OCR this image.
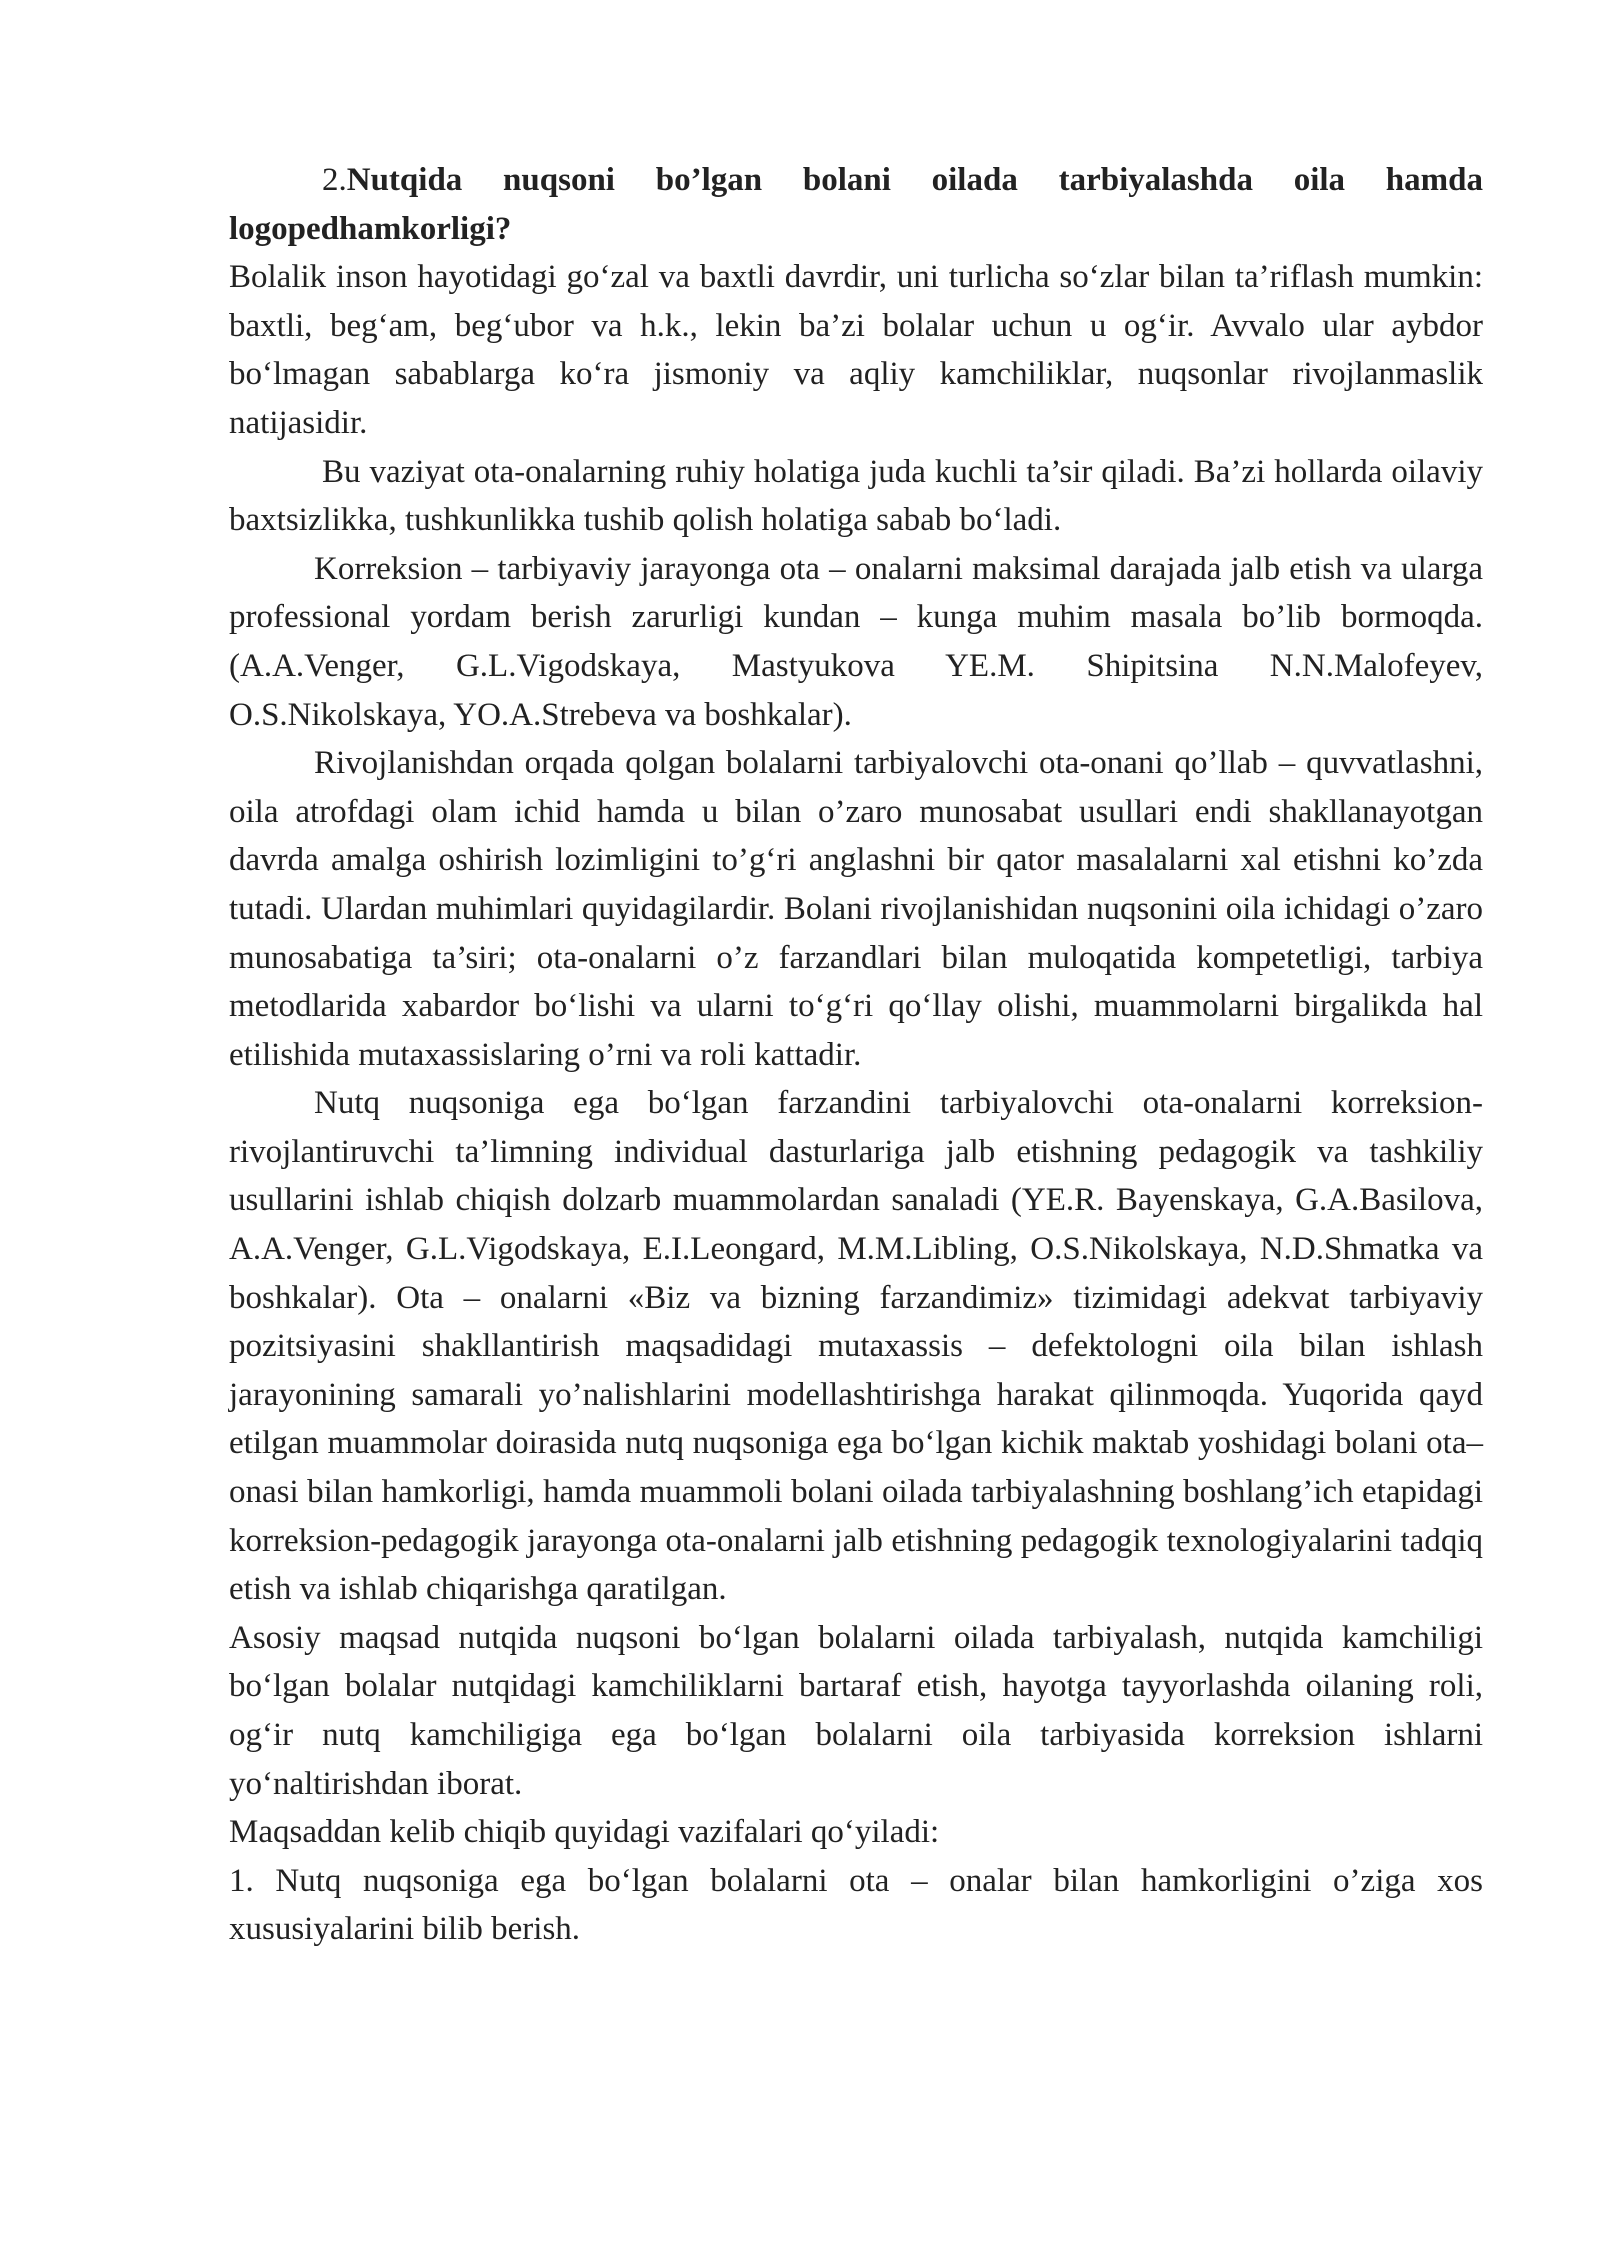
2.Nutqida nuqsoni bo’lgan bolani oilada tarbiyalashda oila hamda logopedhamkorligi?

Bolalik inson hayotidagi go‘zal va baxtli davrdir, uni turlicha so‘zlar bilan ta’riflash mumkin: baxtli, beg‘am, beg‘ubor va h.k., lekin ba’zi bolalar uchun u og‘ir. Avvalo ular aybdor bo‘lmagan sabablarga ko‘ra jismoniy va aqliy kamchiliklar, nuqsonlar rivojlanmaslik natijasidir.

Bu vaziyat ota-onalarning ruhiy holatiga juda kuchli ta’sir qiladi. Ba’zi hollarda oilaviy baxtsizlikka, tushkunlikka tushib qolish holatiga sabab bo‘ladi.

Korreksion – tarbiyaviy jarayonga ota – onalarni maksimal darajada jalb etish va ularga professional yordam berish zarurligi kundan – kunga muhim masala bo’lib bormoqda. (A.A.Venger, G.L.Vigodskaya, Mastyukova YE.M. Shipitsina N.N.Malofeyev, O.S.Nikolskaya, YO.A.Strebeva va boshkalar).

Rivojlanishdan orqada qolgan bolalarni tarbiyalovchi ota-onani qo’llab – quvvatlashni, oila atrofdagi olam ichid hamda u bilan o’zaro munosabat usullari endi shakllanayotgan davrda amalga oshirish lozimligini to’g‘ri anglashni bir qator masalalarni xal etishni ko’zda tutadi. Ulardan muhimlari quyidagilardir. Bolani rivojlanishidan nuqsonini oila ichidagi o’zaro munosabatiga ta’siri; ota-onalarni o’z farzandlari bilan muloqatida kompetetligi, tarbiya metodlarida xabardor bo‘lishi va ularni to‘g‘ri qo‘llay olishi, muammolarni birgalikda hal etilishida mutaxassislaring o’rni va roli kattadir.

Nutq nuqsoniga ega bo‘lgan farzandini tarbiyalovchi ota-onalarni korreksion-rivojlantiruvchi ta’limning individual dasturlariga jalb etishning pedagogik va tashkiliy usullarini ishlab chiqish dolzarb muammolardan sanaladi (YE.R. Bayenskaya, G.A.Basilova, A.A.Venger, G.L.Vigodskaya, E.I.Leongard, M.M.Libling, O.S.Nikolskaya, N.D.Shmatka va boshkalar). Ota – onalarni «Biz va bizning farzandimiz» tizimidagi adekvat tarbiyaviy pozitsiyasini shakllantirish maqsadidagi mutaxassis – defektologni oila bilan ishlash jarayonining samarali yo’nalishlarini modellashtirishga harakat qilinmoqda. Yuqorida qayd etilgan muammolar doirasida nutq nuqsoniga ega bo‘lgan kichik maktab yoshidagi bolani ota–onasi bilan hamkorligi, hamda muammoli bolani oilada tarbiyalashning boshlang’ich etapidagi korreksion-pedagogik jarayonga ota-onalarni jalb etishning pedagogik texnologiyalarini tadqiq etish va ishlab chiqarishga qaratilgan.

Asosiy maqsad nutqida nuqsoni bo‘lgan bolalarni oilada tarbiyalash, nutqida kamchiligi bo‘lgan bolalar nutqidagi kamchiliklarni bartaraf etish, hayotga tayyorlashda oilaning roli, og‘ir nutq kamchiligiga ega bo‘lgan bolalarni oila tarbiyasida korreksion ishlarni yo‘naltirishdan iborat.

Maqsaddan kelib chiqib quyidagi vazifalari qo‘yiladi:

1. Nutq nuqsoniga ega bo‘lgan bolalarni ota – onalar bilan hamkorligini o’ziga xos xususiyalarini bilib berish.
